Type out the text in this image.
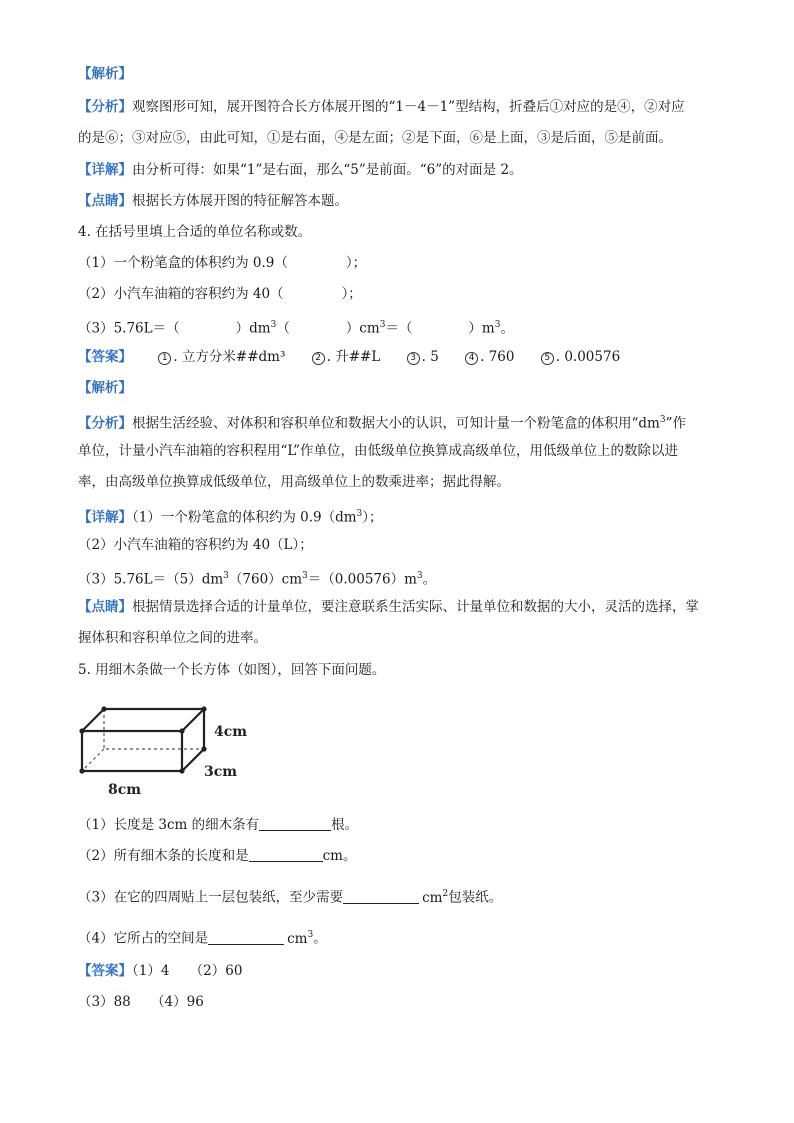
【解析】
【分析】观察图形可知，展开图符合长方体展开图的“1－4－1”型结构，折叠后①对应的是④，②对应
的是⑥；③对应⑤，由此可知，①是右面，④是左面；②是下面，⑥是上面，③是后面，⑤是前面。
【详解】由分析可得：如果“1”是右面，那么“5”是前面。“6”的对面是 2。
【点睛】根据长方体展开图的特征解答本题。
4. 在括号里填上合适的单位名称或数。
（1）一个粉笔盒的体积约为 0.9（	）；
（2）小汽车油箱的容积约为 40（	）；
（3）5.76L＝（	）$dm^3$（	）$cm^3=$（	）$m^3$。
【答案】	1 . 立方分米##dm³	2 . 升##L	3 . 5	4 . 760	5 . 0.00576
【解析】
【分析】根据生活经验、对体积和容积单位和数据大小的认识，可知计量一个粉笔盒的体积用“$dm^3$”作
单位，计量小汽车油箱的容积程用“L”作单位，由低级单位换算成高级单位，用低级单位上的数除以进
率，由高级单位换算成低级单位，用高级单位上的数乘进率；据此得解。
【详解】（1）一个粉笔盒的体积约为 $0.9(dm^3)$；
（2）小汽车油箱的容积约为 40（L）；
$(3)5.76L=(5)dm^3(760)cm^3=(0.00576)m^3$。
【点睛】根据情景选择合适的计量单位，要注意联系生活实际、计量单位和数据的大小，灵活的选择，掌
握体积和容积单位之间的进率。
5. 用细木条做一个长方体（如图），回答下面问题。
4cm
3cm
8cm
（1）长度是 3cm 的细木条有	根。
（2）所有细木条的长度和是	cm。
（3）在它的四周贴上一层包装纸，至少需要	$cm^2$包装纸。
（4）它所占的空间是	$cm^3$。
【答案】（1）4　　（2）60
（3）88　　（4）96
